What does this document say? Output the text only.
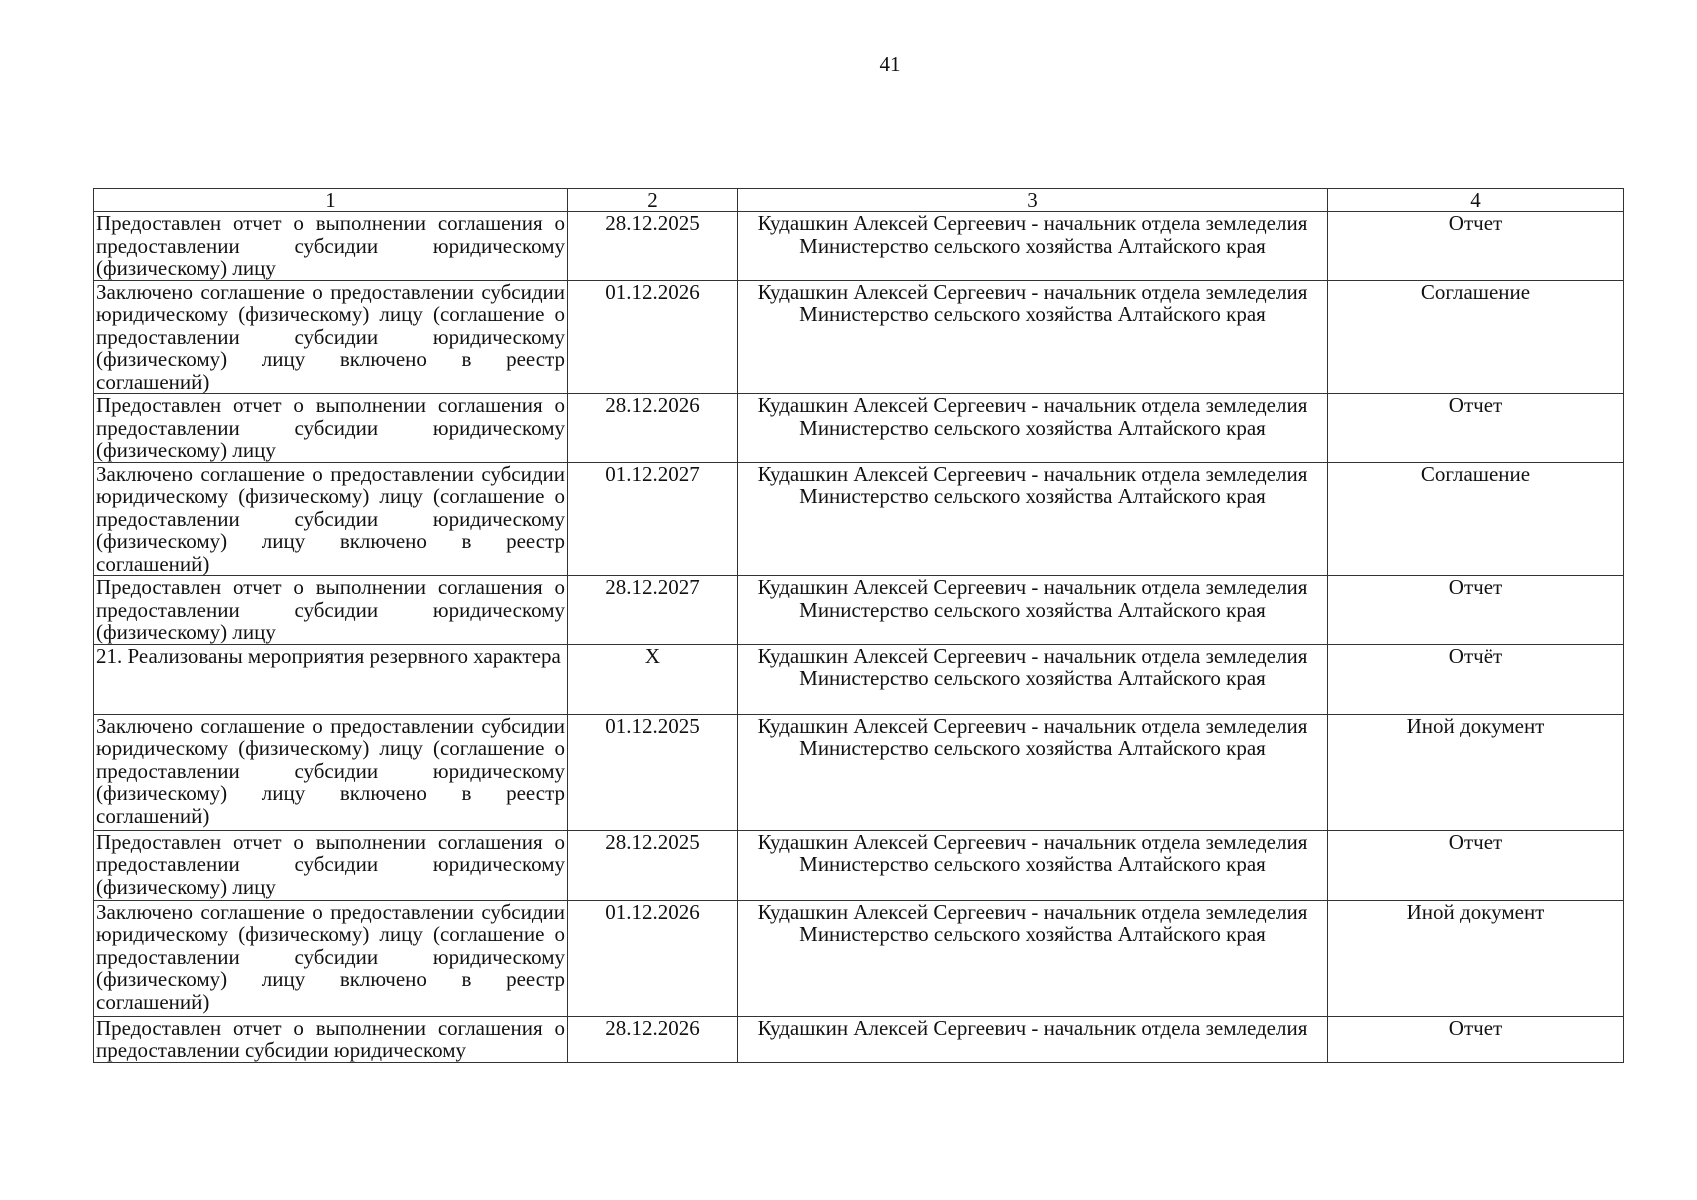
41
1	2	3	4
Предоставлен отчет о выполнении соглашения о предоставлении субсидии юридическому (физическому) лицу	28.12.2025	Кудашкин Алексей Сергеевич - начальник отдела земледелия
Министерство сельского хозяйства Алтайского края	Отчет
Заключено соглашение о предоставлении субсидии юридическому (физическому) лицу (соглашение о предоставлении субсидии юридическому (физическому) лицу включено в реестр соглашений)	01.12.2026	Кудашкин Алексей Сергеевич - начальник отдела земледелия
Министерство сельского хозяйства Алтайского края	Соглашение
Предоставлен отчет о выполнении соглашения о предоставлении субсидии юридическому (физическому) лицу	28.12.2026	Кудашкин Алексей Сергеевич - начальник отдела земледелия
Министерство сельского хозяйства Алтайского края	Отчет
Заключено соглашение о предоставлении субсидии юридическому (физическому) лицу (соглашение о предоставлении субсидии юридическому (физическому) лицу включено в реестр соглашений)	01.12.2027	Кудашкин Алексей Сергеевич - начальник отдела земледелия
Министерство сельского хозяйства Алтайского края	Соглашение
Предоставлен отчет о выполнении соглашения о предоставлении субсидии юридическому (физическому) лицу	28.12.2027	Кудашкин Алексей Сергеевич - начальник отдела земледелия
Министерство сельского хозяйства Алтайского края	Отчет
21. Реализованы мероприятия резервного характера	X	Кудашкин Алексей Сергеевич - начальник отдела земледелия
Министерство сельского хозяйства Алтайского края	Отчёт
Заключено соглашение о предоставлении субсидии юридическому (физическому) лицу (соглашение о предоставлении субсидии юридическому (физическому) лицу включено в реестр соглашений)	01.12.2025	Кудашкин Алексей Сергеевич - начальник отдела земледелия
Министерство сельского хозяйства Алтайского края	Иной документ
Предоставлен отчет о выполнении соглашения о предоставлении субсидии юридическому (физическому) лицу	28.12.2025	Кудашкин Алексей Сергеевич - начальник отдела земледелия
Министерство сельского хозяйства Алтайского края	Отчет
Заключено соглашение о предоставлении субсидии юридическому (физическому) лицу (соглашение о предоставлении субсидии юридическому (физическому) лицу включено в реестр соглашений)	01.12.2026	Кудашкин Алексей Сергеевич - начальник отдела земледелия
Министерство сельского хозяйства Алтайского края	Иной документ
Предоставлен отчет о выполнении соглашения о предоставлении субсидии юридическому	28.12.2026	Кудашкин Алексей Сергеевич - начальник отдела земледелия	Отчет
